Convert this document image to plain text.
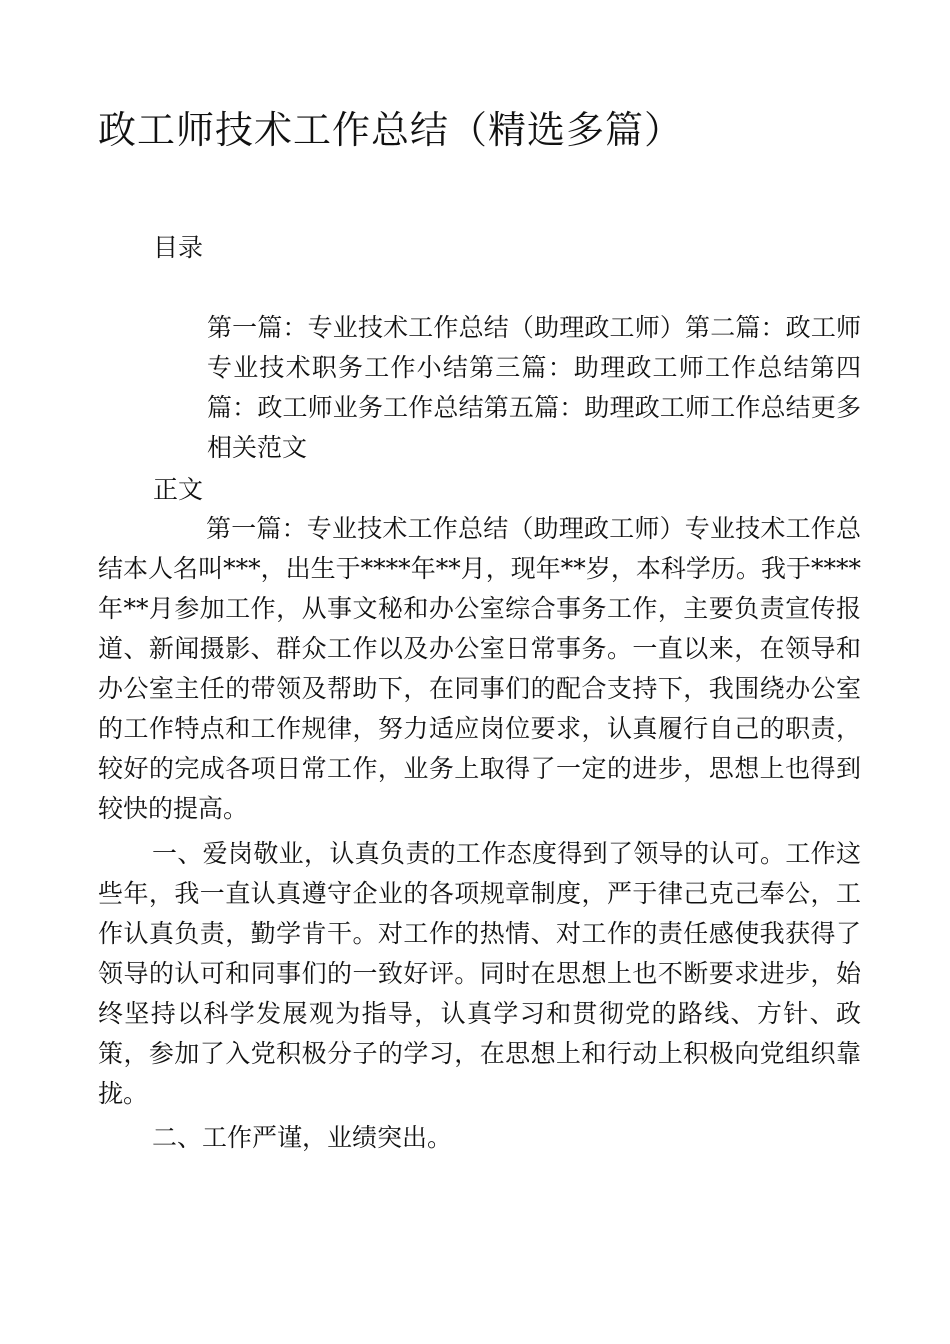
政工师技术工作总结（精选多篇）
目录

第一篇：专业技术工作总结（助理政工师）第二篇：政工师专业技术职务工作小结第三篇：助理政工师工作总结第四篇：政工师业务工作总结第五篇：助理政工师工作总结更多相关范文

正文

第一篇：专业技术工作总结（助理政工师）专业技术工作总结本人名叫***，出生于****年**月，现年**岁，本科学历。我于****年**月参加工作，从事文秘和办公室综合事务工作，主要负责宣传报道、新闻摄影、群众工作以及办公室日常事务。一直以来，在领导和办公室主任的带领及帮助下，在同事们的配合支持下，我围绕办公室的工作特点和工作规律，努力适应岗位要求，认真履行自己的职责，较好的完成各项日常工作，业务上取得了一定的进步，思想上也得到较快的提高。

一、爱岗敬业，认真负责的工作态度得到了领导的认可。工作这些年，我一直认真遵守企业的各项规章制度，严于律己克己奉公，工作认真负责，勤学肯干。对工作的热情、对工作的责任感使我获得了领导的认可和同事们的一致好评。同时在思想上也不断要求进步，始终坚持以科学发展观为指导，认真学习和贯彻党的路线、方针、政策，参加了入党积极分子的学习，在思想上和行动上积极向党组织靠拢。

二、工作严谨，业绩突出。
